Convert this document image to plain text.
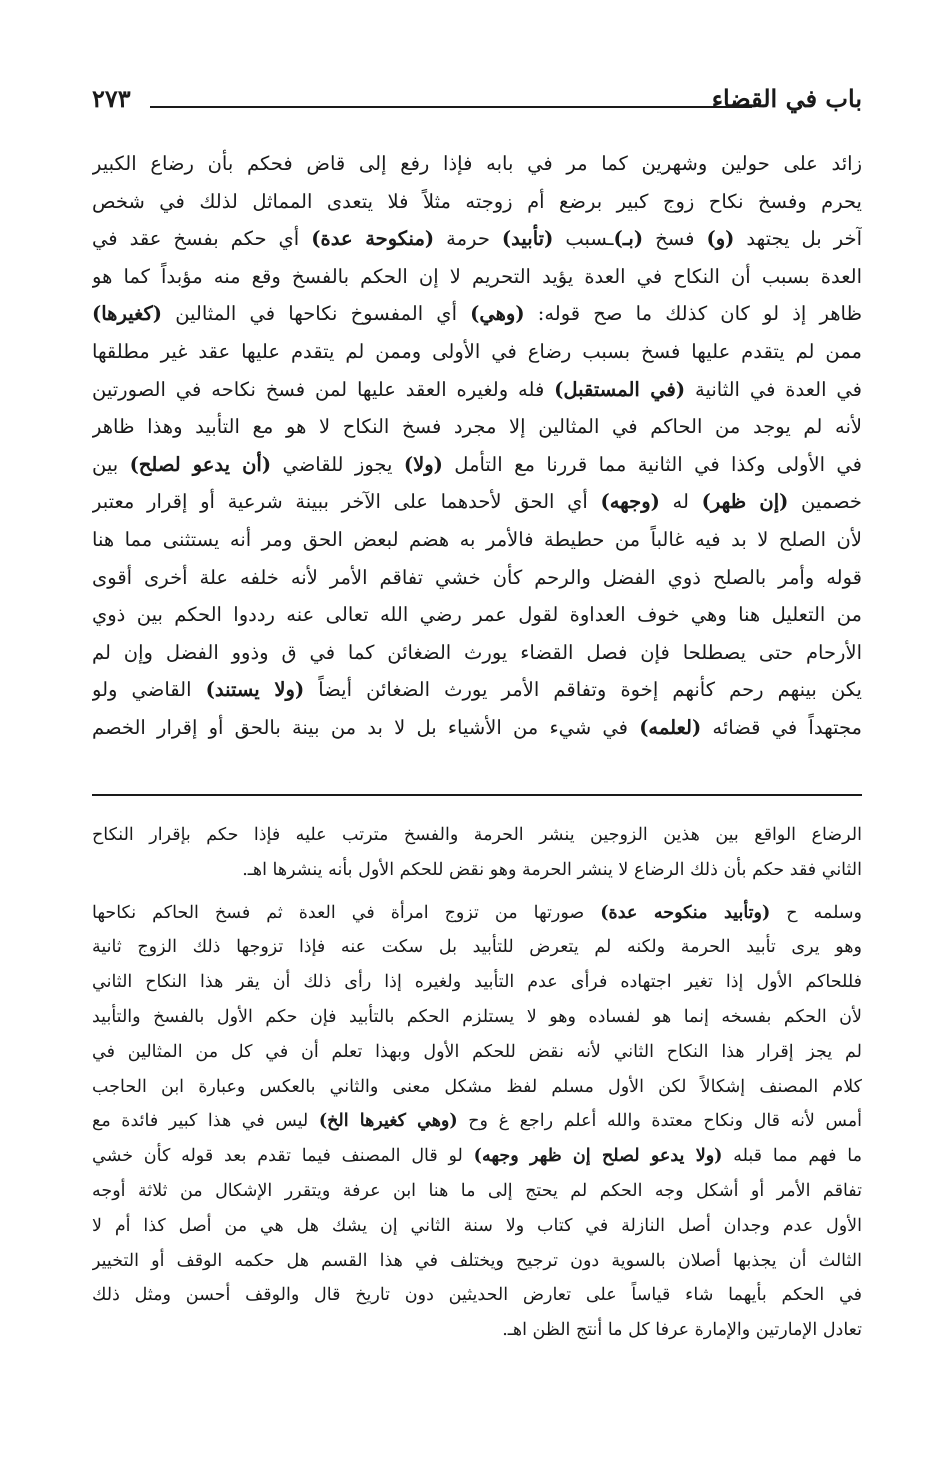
باب في القضاء
٢٧٣
زائد على حولين وشهرين كما مر في بابه فإذا رفع إلى قاض فحكم بأن رضاع الكبير
يحرم وفسخ نكاح زوج كبير برضع أم زوجته مثلاً فلا يتعدى المماثل لذلك في شخص
آخر بل يجتهد (و) فسخ (بـ)ـسبب (تأبيد) حرمة (منكوحة عدة) أي حكم بفسخ عقد في
العدة بسبب أن النكاح في العدة يؤيد التحريم لا إن الحكم بالفسخ وقع منه مؤبداً كما هو
ظاهر إذ لو كان كذلك ما صح قوله: (وهي) أي المفسوخ نكاحها في المثالين (كغيرها)
ممن لم يتقدم عليها فسخ بسبب رضاع في الأولى وممن لم يتقدم عليها عقد غير مطلقها
في العدة في الثانية (في المستقبل) فله ولغيره العقد عليها لمن فسخ نكاحه في الصورتين
لأنه لم يوجد من الحاكم في المثالين إلا مجرد فسخ النكاح لا هو مع التأبيد وهذا ظاهر
في الأولى وكذا في الثانية مما قررنا مع التأمل (ولا) يجوز للقاضي (أن يدعو لصلح) بين
خصمين (إن ظهر) له (وجهه) أي الحق لأحدهما على الآخر ببينة شرعية أو إقرار معتبر
لأن الصلح لا بد فيه غالباً من حطيطة فالأمر به هضم لبعض الحق ومر أنه يستثنى مما هنا
قوله وأمر بالصلح ذوي الفضل والرحم كأن خشي تفاقم الأمر لأنه خلفه علة أخرى أقوى
من التعليل هنا وهي خوف العداوة لقول عمر رضي الله تعالى عنه رددوا الحكم بين ذوي
الأرحام حتى يصطلحا فإن فصل القضاء يورث الضغائن كما في ق وذوو الفضل وإن لم
يكن بينهم رحم كأنهم إخوة وتفاقم الأمر يورث الضغائن أيضاً (ولا يستند) القاضي ولو
مجتهداً في قضائه (لعلمه) في شيء من الأشياء بل لا بد من بينة بالحق أو إقرار الخصم
الرضاع الواقع بين هذين الزوجين ينشر الحرمة والفسخ مترتب عليه فإذا حكم بإقرار النكاح
الثاني فقد حكم بأن ذلك الرضاع لا ينشر الحرمة وهو نقض للحكم الأول بأنه ينشرها اهـ.
وسلمه ح (وتأبيد منكوحه عدة) صورتها من تزوج امرأة في العدة ثم فسخ الحاكم نكاحها
وهو يرى تأبيد الحرمة ولكنه لم يتعرض للتأبيد بل سكت عنه فإذا تزوجها ذلك الزوج ثانية
فللحاكم الأول إذا تغير اجتهاده فرأى عدم التأبيد ولغيره إذا رأى ذلك أن يقر هذا النكاح الثاني
لأن الحكم بفسخه إنما هو لفساده وهو لا يستلزم الحكم بالتأبيد فإن حكم الأول بالفسخ والتأبيد
لم يجز إقرار هذا النكاح الثاني لأنه نقض للحكم الأول وبهذا تعلم أن في كل من المثالين في
كلام المصنف إشكالاً لكن الأول مسلم لفظ مشكل معنى والثاني بالعكس وعبارة ابن الحاجب
أمس لأنه قال ونكاح معتدة والله أعلم راجع غ وح (وهي كغيرها الخ) ليس في هذا كبير فائدة مع
ما فهم مما قبله (ولا يدعو لصلح إن ظهر وجهه) لو قال المصنف فيما تقدم بعد قوله كأن خشي
تفاقم الأمر أو أشكل وجه الحكم لم يحتج إلى ما هنا ابن عرفة ويتقرر الإشكال من ثلاثة أوجه
الأول عدم وجدان أصل النازلة في كتاب ولا سنة الثاني إن يشك هل هي من أصل كذا أم لا
الثالث أن يجذبها أصلان بالسوية دون ترجيح ويختلف في هذا القسم هل حكمه الوقف أو التخيير
في الحكم بأيهما شاء قياساً على تعارض الحديثين دون تاريخ قال والوقف أحسن ومثل ذلك
تعادل الإمارتين والإمارة عرفا كل ما أنتج الظن اهـ.
